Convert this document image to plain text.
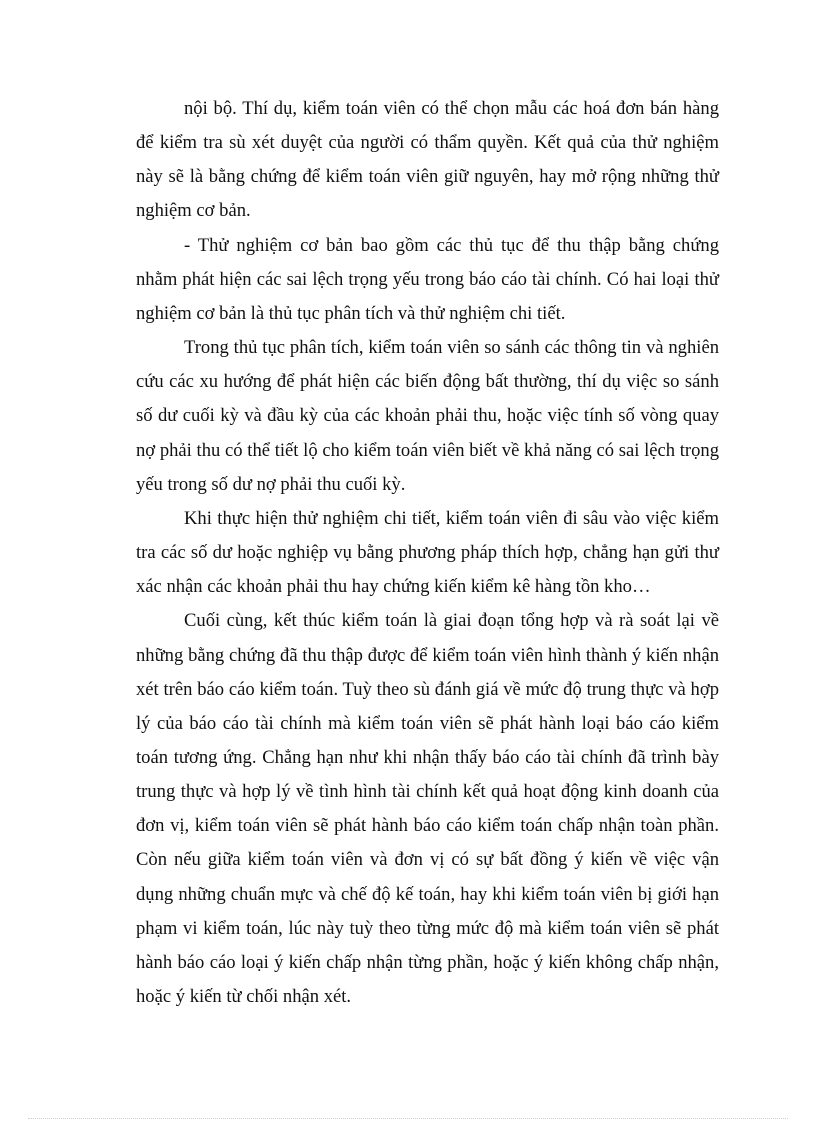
nội bộ. Thí dụ, kiểm toán viên có thể chọn mẫu các hoá đơn bán hàng để kiểm tra sù xét duyệt của người có thẩm quyền. Kết quả của thử nghiệm này sẽ là bằng chứng để kiểm toán viên giữ nguyên, hay mở rộng những thử nghiệm cơ bản.

- Thử nghiệm cơ bản bao gồm các thủ tục để thu thập bằng chứng nhằm phát hiện các sai lệch trọng yếu trong báo cáo tài chính. Có hai loại thử nghiệm cơ bản là thủ tục phân tích và thử nghiệm chi tiết.

Trong thủ tục phân tích, kiểm toán viên so sánh các thông tin và nghiên cứu các xu hướng để phát hiện các biến động bất thường, thí dụ việc so sánh số dư cuối kỳ và đầu kỳ của các khoản phải thu, hoặc việc tính số vòng quay nợ phải thu có thể tiết lộ cho kiểm toán viên biết về khả năng có sai lệch trọng yếu trong số dư nợ phải thu cuối kỳ.

Khi thực hiện thử nghiệm chi tiết, kiểm toán viên đi sâu vào việc kiểm tra các số dư hoặc nghiệp vụ bằng phương pháp thích hợp, chẳng hạn gửi thư xác nhận các khoản phải thu hay chứng kiến kiểm kê hàng tồn kho…

Cuối cùng, kết thúc kiểm toán là giai đoạn tổng hợp và rà soát lại về những bằng chứng đã thu thập được để kiểm toán viên hình thành ý kiến nhận xét trên báo cáo kiểm toán. Tuỳ theo sù đánh giá về mức độ trung thực và hợp lý của báo cáo tài chính mà kiểm toán viên sẽ phát hành loại báo cáo kiểm toán tương ứng. Chẳng hạn như khi nhận thấy báo cáo tài chính đã trình bày trung thực và hợp lý về tình hình tài chính kết quả hoạt động kinh doanh của đơn vị, kiểm toán viên sẽ phát hành báo cáo kiểm toán chấp nhận toàn phần. Còn nếu giữa kiểm toán viên và đơn vị có sự bất đồng ý kiến về việc vận dụng những chuẩn mực và chế độ kế toán, hay khi kiểm toán viên bị giới hạn phạm vi kiểm toán, lúc này tuỳ theo từng mức độ mà kiểm toán viên sẽ phát hành báo cáo loại ý kiến chấp nhận từng phần, hoặc ý kiến không chấp nhận, hoặc ý kiến từ chối nhận xét.
